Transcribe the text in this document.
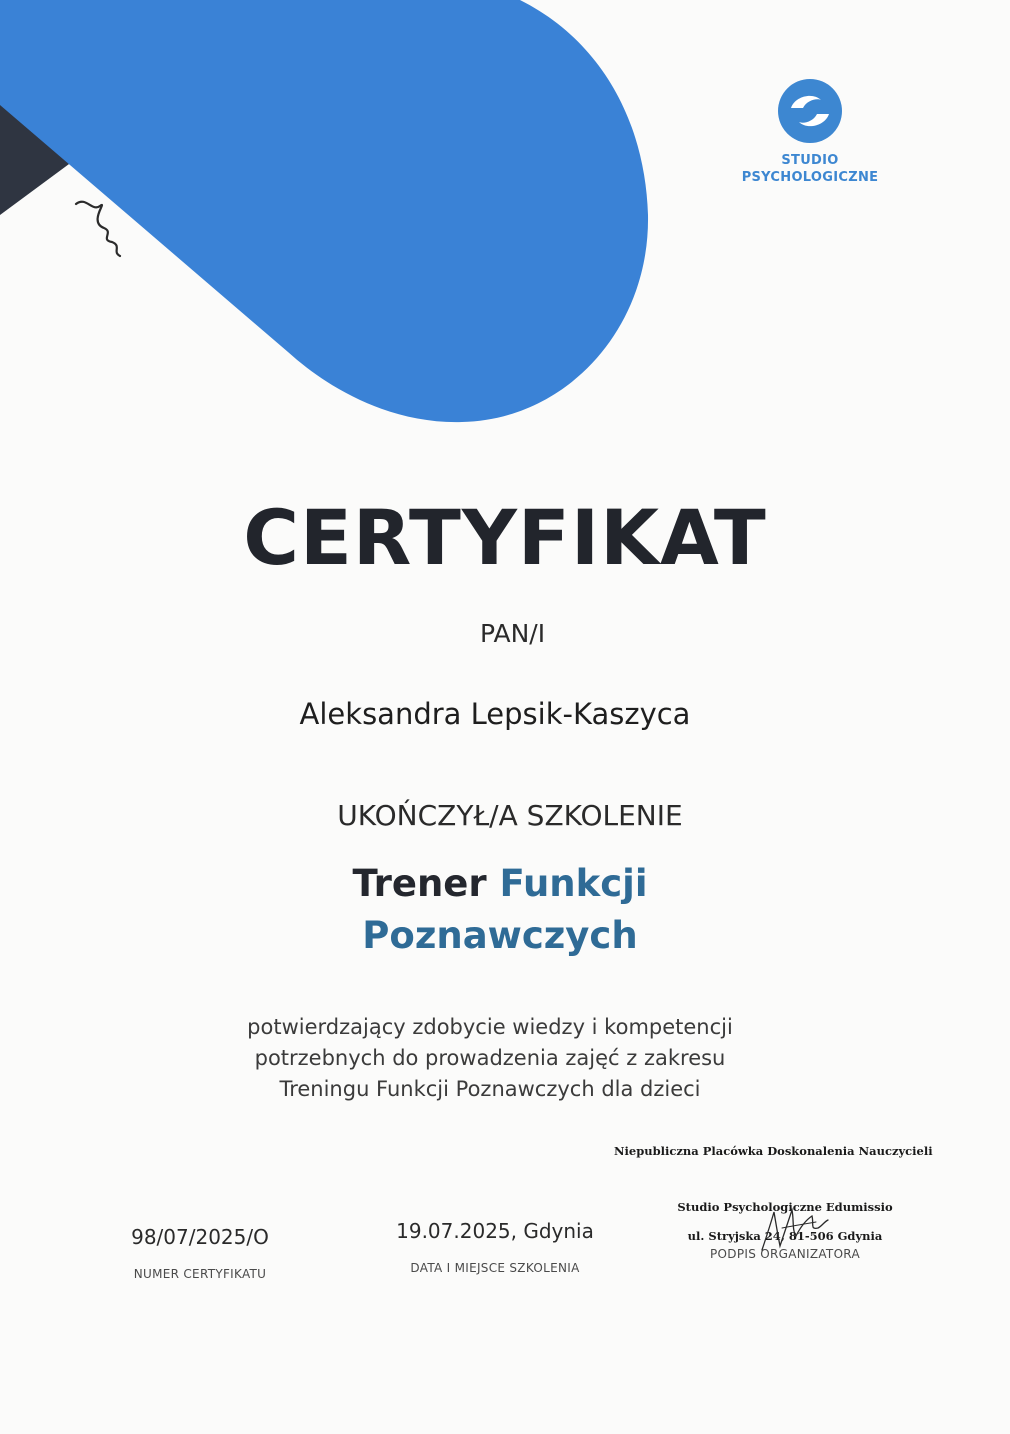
STUDIO
PSYCHOLOGICZNE
CERTYFIKAT
PAN/I
Aleksandra Lepsik-Kaszyca
UKOŃCZYŁ/A SZKOLENIE
Trener Funkcji
Poznawczych
potwierdzający zdobycie wiedzy i kompetencji
potrzebnych do prowadzenia zajęć z zakresu
Treningu Funkcji Poznawczych dla dzieci
Niepubliczna Placówka Doskonalenia Nauczycieli
98/07/2025/O
NUMER CERTYFIKATU
19.07.2025, Gdynia
DATA I MIEJSCE SZKOLENIA
Studio Psychologiczne Edumissio
ul. Stryjska 24, 81-506 Gdynia
PODPIS ORGANIZATORA
